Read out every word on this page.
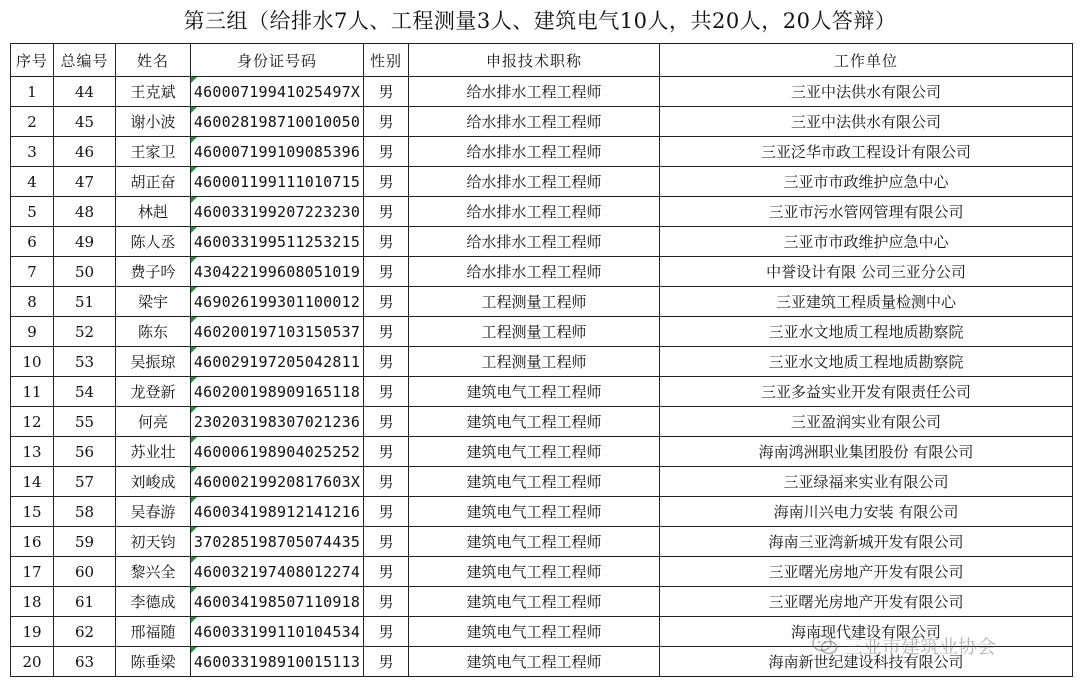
第三组（给排水7人、工程测量3人、建筑电气10人，共20人，20人答辩）
序号	总编号	姓名	身份证号码	性别	申报技术职称	工作单位
1	44	王克斌	46000719941025497X	男	给水排水工程工程师	三亚中法供水有限公司
2	45	谢小波	460028198710010050	男	给水排水工程工程师	三亚中法供水有限公司
3	46	王家卫	460007199109085396	男	给水排水工程工程师	三亚泛华市政工程设计有限公司
4	47	胡正奋	460001199111010715	男	给水排水工程工程师	三亚市市政维护应急中心
5	48	林赳	460033199207223230	男	给水排水工程工程师	三亚市污水管网管理有限公司
6	49	陈人丞	460033199511253215	男	给水排水工程工程师	三亚市市政维护应急中心
7	50	费子吟	430422199608051019	男	给水排水工程工程师	中誉设计有限 公司三亚分公司
8	51	梁宇	469026199301100012	男	工程测量工程师	三亚建筑工程质量检测中心
9	52	陈东	460200197103150537	男	工程测量工程师	三亚水文地质工程地质勘察院
10	53	吴振琼	460029197205042811	男	工程测量工程师	三亚水文地质工程地质勘察院
11	54	龙登新	460200198909165118	男	建筑电气工程工程师	三亚多益实业开发有限责任公司
12	55	何亮	230203198307021236	男	建筑电气工程工程师	三亚盈润实业有限公司
13	56	苏业壮	460006198904025252	男	建筑电气工程工程师	海南鸿洲职业集团股份 有限公司
14	57	刘峻成	46000219920817603X	男	建筑电气工程工程师	三亚绿福来实业有限公司
15	58	吴春游	460034198912141216	男	建筑电气工程工程师	海南川兴电力安装 有限公司
16	59	初天钧	370285198705074435	男	建筑电气工程工程师	海南三亚湾新城开发有限公司
17	60	黎兴全	460032197408012274	男	建筑电气工程工程师	三亚曙光房地产开发有限公司
18	61	李德成	460034198507110918	男	建筑电气工程工程师	三亚曙光房地产开发有限公司
19	62	邢福随	460033199110104534	男	建筑电气工程工程师	海南现代建设有限公司
20	63	陈垂梁	460033198910015113	男	建筑电气工程工程师	海南新世纪建设科技有限公司
三亚市建筑业协会
